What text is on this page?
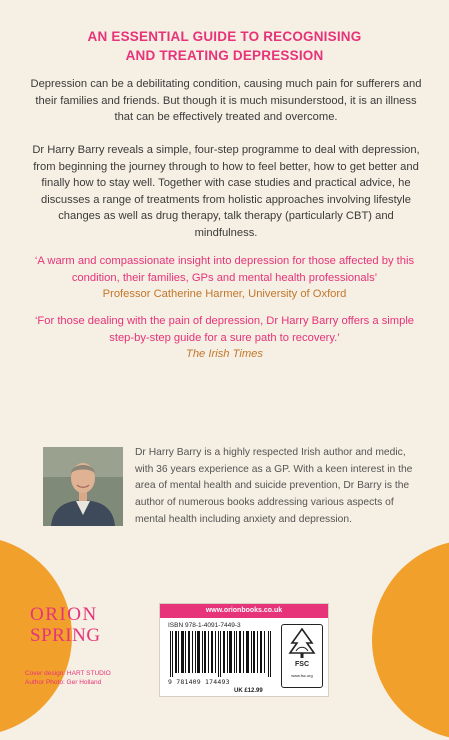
AN ESSENTIAL GUIDE TO RECOGNISING
AND TREATING DEPRESSION
Depression can be a debilitating condition, causing much pain for sufferers and their families and friends. But though it is much misunderstood, it is an illness that can be effectively treated and overcome.
Dr Harry Barry reveals a simple, four-step programme to deal with depression, from beginning the journey through to how to feel better, how to get better and finally how to stay well. Together with case studies and practical advice, he discusses a range of treatments from holistic approaches involving lifestyle changes as well as drug therapy, talk therapy (particularly CBT) and mindfulness.
‘A warm and compassionate insight into depression for those affected by this condition, their families, GPs and mental health professionals’
Professor Catherine Harmer, University of Oxford
‘For those dealing with the pain of depression, Dr Harry Barry offers a simple step-by-step guide for a sure path to recovery.’
The Irish Times
Dr Harry Barry is a highly respected Irish author and medic, with 36 years experience as a GP. With a keen interest in the area of mental health and suicide prevention, Dr Barry is the author of numerous books addressing various aspects of mental health including anxiety and depression.
ORION
SPRING
Cover design: HART STUDIO
Author Photo: Ger Holland
www.orionbooks.co.uk
ISBN 978-1-4091-7449-3
9 781409 174493
UK £12.99
FSC
www.fsc.org
